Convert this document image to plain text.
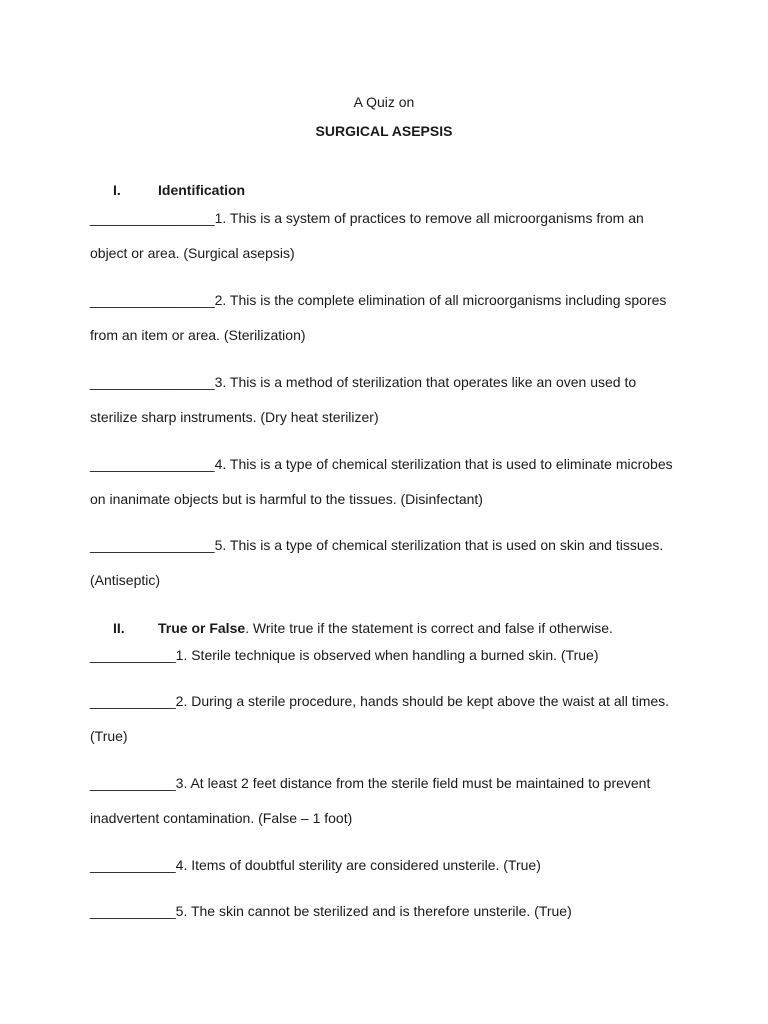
A Quiz on
SURGICAL ASEPSIS
I.	Identification
________________1. This is a system of practices to remove all microorganisms from an object or area. (Surgical asepsis)
________________2. This is the complete elimination of all microorganisms including spores from an item or area. (Sterilization)
________________3. This is a method of sterilization that operates like an oven used to sterilize sharp instruments. (Dry heat sterilizer)
________________4. This is a type of chemical sterilization that is used to eliminate microbes on inanimate objects but is harmful to the tissues. (Disinfectant)
________________5. This is a type of chemical sterilization that is used on skin and tissues. (Antiseptic)
II. True or False. Write true if the statement is correct and false if otherwise.
___________1. Sterile technique is observed when handling a burned skin. (True)
___________2. During a sterile procedure, hands should be kept above the waist at all times. (True)
___________3. At least 2 feet distance from the sterile field must be maintained to prevent inadvertent contamination. (False – 1 foot)
___________4. Items of doubtful sterility are considered unsterile. (True)
___________5. The skin cannot be sterilized and is therefore unsterile. (True)
